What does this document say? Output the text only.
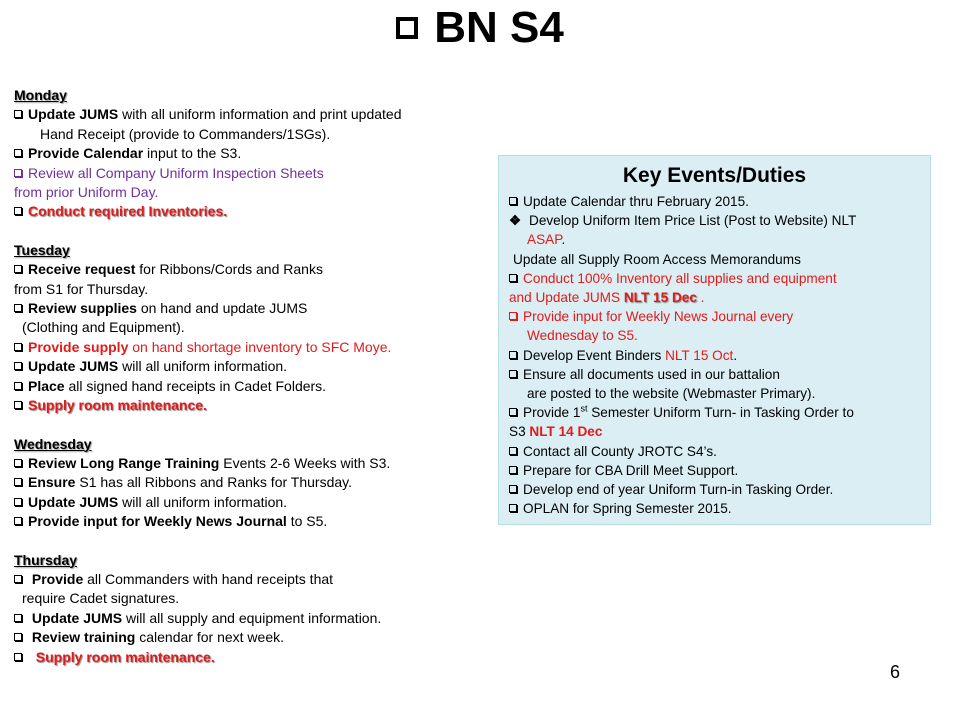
BN S4
Monday
Update JUMS with all uniform information and print updated
Hand Receipt (provide to Commanders/1SGs).
Provide Calendar input to the S3.
Review all Company Uniform Inspection Sheets
from prior Uniform Day.
Conduct required Inventories.
Tuesday
Receive request for Ribbons/Cords and Ranks
from S1 for Thursday.
Review supplies on hand and update JUMS
(Clothing and Equipment).
Provide supply on hand shortage inventory to SFC Moye.
Update JUMS will all uniform information.
Place all signed hand receipts in Cadet Folders.
Supply room maintenance.
Wednesday
Review Long Range Training Events 2-6 Weeks with S3.
Ensure S1 has all Ribbons and Ranks for Thursday.
Update JUMS will all uniform information.
Provide input for Weekly News Journal to S5.
Thursday
Provide all Commanders with hand receipts that
require Cadet signatures.
Update JUMS will all supply and equipment information.
Review training calendar for next week.
Supply room maintenance.
Key Events/Duties
Update Calendar thru February 2015.
❖ Develop Uniform Item Price List (Post to Website) NLT
ASAP.
Update all Supply Room Access Memorandums
Conduct 100% Inventory all supplies and equipment
and Update JUMS NLT 15 Dec .
Provide input for Weekly News Journal every
Wednesday to S5.
Develop Event Binders NLT 15 Oct.
Ensure all documents used in our battalion
are posted to the website (Webmaster Primary).
Provide 1st Semester Uniform Turn- in Tasking Order to
S3 NLT 14 Dec
Contact all County JROTC S4’s.
Prepare for CBA Drill Meet Support.
Develop end of year Uniform Turn-in Tasking Order.
OPLAN for Spring Semester 2015.
6
